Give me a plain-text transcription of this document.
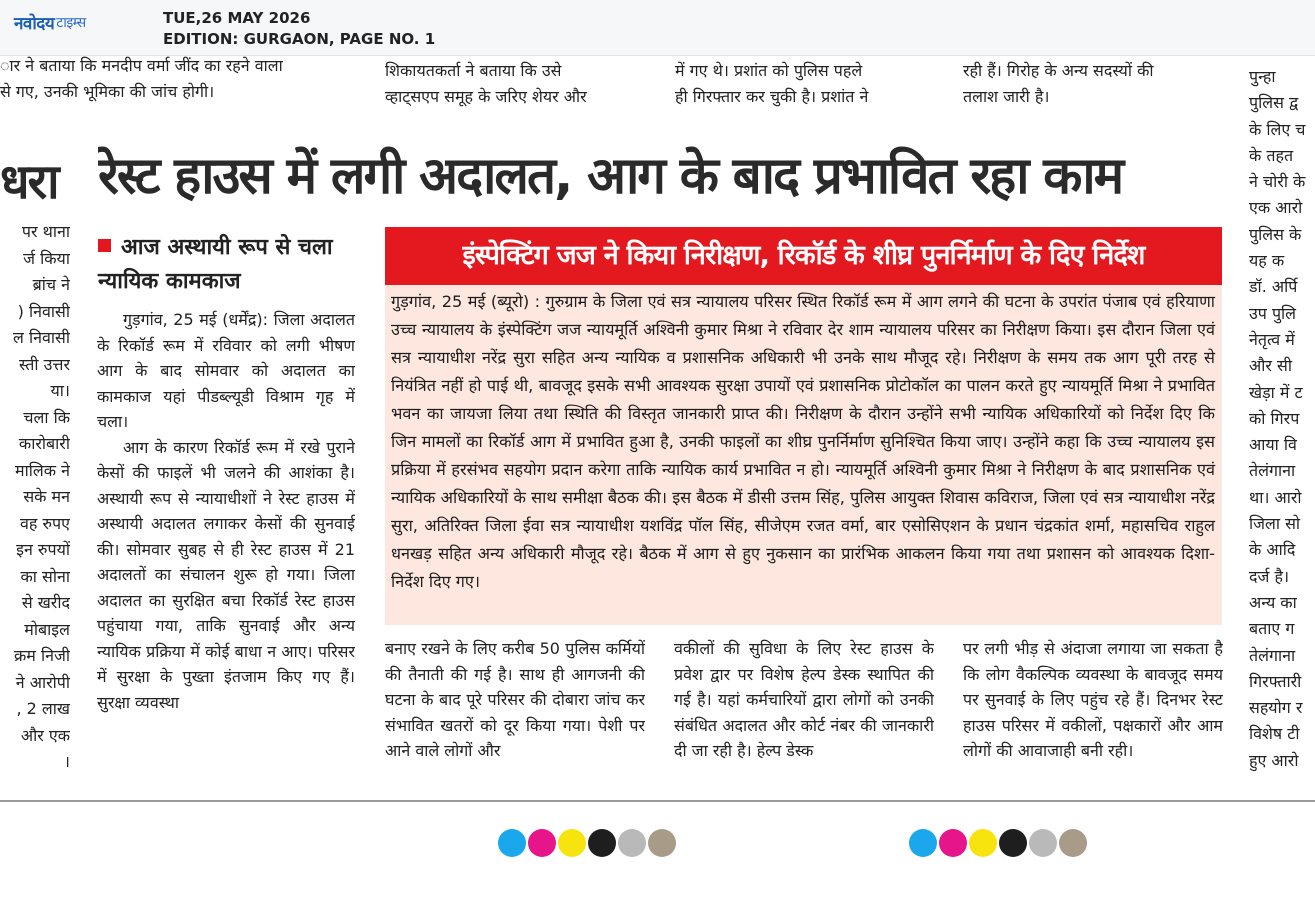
नवोदय टाइम्स	TUE,26 MAY 2026
EDITION: GURGAON, PAGE NO. 1

ार ने बताया कि मनदीप वर्मा जींद का रहने वाला

से गए, उनकी भूमिका की जांच होगी।

शिकायतकर्ता ने बताया कि उसे

व्हाट्सएप समूह के जरिए शेयर और

में गए थे। प्रशांत को पुलिस पहले

ही गिरफ्तार कर चुकी है। प्रशांत ने

रही हैं। गिरोह के अन्य सदस्यों की

तलाश जारी है।

धरा

पर थाना

र्ज किया

ब्रांच ने

) निवासी

ल निवासी

स्ती उत्तर

या।

चला कि

कारोबारी

मालिक ने

सके मन

वह रुपए

इन रुपयों

का सोना

से खरीद

मोबाइल

क्रम निजी

ने आरोपी

, 2 लाख

और एक

।

पुन्हा

पुलिस द्व

के लिए च

के तहत

ने चोरी के

एक आरो

पुलिस के

यह क

डॉ. अर्पि

उप पुलि

नेतृत्व में

और सी

खेड़ा में ट

को गिरप

आया वि

तेलंगाना

था। आरो

जिला सो

के आदि

दर्ज है।

अन्य का

बताए ग

तेलंगाना

गिरफ्तारी

सहयोग र

विशेष टी

हुए आरो

रेस्ट हाउस में लगी अदालत, आग के बाद प्रभावित रहा काम
आज अस्थायी रूप से चला न्यायिक कामकाज

गुड़गांव, 25 मई (धर्मेंद्र): जिला अदालत के रिकॉर्ड रूम में रविवार को लगी भीषण आग के बाद सोमवार को अदालत का कामकाज यहां पीडब्ल्यूडी विश्राम गृह में चला।

आग के कारण रिकॉर्ड रूम में रखे पुराने केसों की फाइलें भी जलने की आशंका है। अस्थायी रूप से न्यायाधीशों ने रेस्ट हाउस में अस्थायी अदालत लगाकर केसों की सुनवाई की। सोमवार सुबह से ही रेस्ट हाउस में 21 अदालतों का संचालन शुरू हो गया। जिला अदालत का सुरक्षित बचा रिकॉर्ड रेस्ट हाउस पहुंचाया गया, ताकि सुनवाई और अन्य न्यायिक प्रक्रिया में कोई बाधा न आए। परिसर में सुरक्षा के पुख्ता इंतजाम किए गए हैं। सुरक्षा व्यवस्था

इंस्पेक्टिंग जज ने किया निरीक्षण, रिकॉर्ड के शीघ्र पुनर्निर्माण के दिए निर्देश

गुड़गांव, 25 मई (ब्यूरो) : गुरुग्राम के जिला एवं सत्र न्यायालय परिसर स्थित रिकॉर्ड रूम में आग लगने की घटना के उपरांत पंजाब एवं हरियाणा उच्च न्यायालय के इंस्पेक्टिंग जज न्यायमूर्ति अश्विनी कुमार मिश्रा ने रविवार देर शाम न्यायालय परिसर का निरीक्षण किया। इस दौरान जिला एवं सत्र न्यायाधीश नरेंद्र सुरा सहित अन्य न्यायिक व प्रशासनिक अधिकारी भी उनके साथ मौजूद रहे। निरीक्षण के समय तक आग पूरी तरह से नियंत्रित नहीं हो पाई थी, बावजूद इसके सभी आवश्यक सुरक्षा उपायों एवं प्रशासनिक प्रोटोकॉल का पालन करते हुए न्यायमूर्ति मिश्रा ने प्रभावित भवन का जायजा लिया तथा स्थिति की विस्तृत जानकारी प्राप्त की। निरीक्षण के दौरान उन्होंने सभी न्यायिक अधिकारियों को निर्देश दिए कि जिन मामलों का रिकॉर्ड आग में प्रभावित हुआ है, उनकी फाइलों का शीघ्र पुनर्निर्माण सुनिश्चित किया जाए। उन्होंने कहा कि उच्च न्यायालय इस प्रक्रिया में हरसंभव सहयोग प्रदान करेगा ताकि न्यायिक कार्य प्रभावित न हो। न्यायमूर्ति अश्विनी कुमार मिश्रा ने निरीक्षण के बाद प्रशासनिक एवं न्यायिक अधिकारियों के साथ समीक्षा बैठक की। इस बैठक में डीसी उत्तम सिंह, पुलिस आयुक्त शिवास कविराज, जिला एवं सत्र न्यायाधीश नरेंद्र सुरा, अतिरिक्त जिला ईवा सत्र न्यायाधीश यशविंद्र पॉल सिंह, सीजेएम रजत वर्मा, बार एसोसिएशन के प्रधान चंद्रकांत शर्मा, महासचिव राहुल धनखड़ सहित अन्य अधिकारी मौजूद रहे। बैठक में आग से हुए नुकसान का प्रारंभिक आकलन किया गया तथा प्रशासन को आवश्यक दिशा-निर्देश दिए गए।

बनाए रखने के लिए करीब 50 पुलिस कर्मियों की तैनाती की गई है। साथ ही आगजनी की घटना के बाद पूरे परिसर की दोबारा जांच कर संभावित खतरों को दूर किया गया। पेशी पर आने वाले लोगों और

वकीलों की सुविधा के लिए रेस्ट हाउस के प्रवेश द्वार पर विशेष हेल्प डेस्क स्थापित की गई है। यहां कर्मचारियों द्वारा लोगों को उनकी संबंधित अदालत और कोर्ट नंबर की जानकारी दी जा रही है। हेल्प डेस्क

पर लगी भीड़ से अंदाजा लगाया जा सकता है कि लोग वैकल्पिक व्यवस्था के बावजूद समय पर सुनवाई के लिए पहुंच रहे हैं। दिनभर रेस्ट हाउस परिसर में वकीलों, पक्षकारों और आम लोगों की आवाजाही बनी रही।
